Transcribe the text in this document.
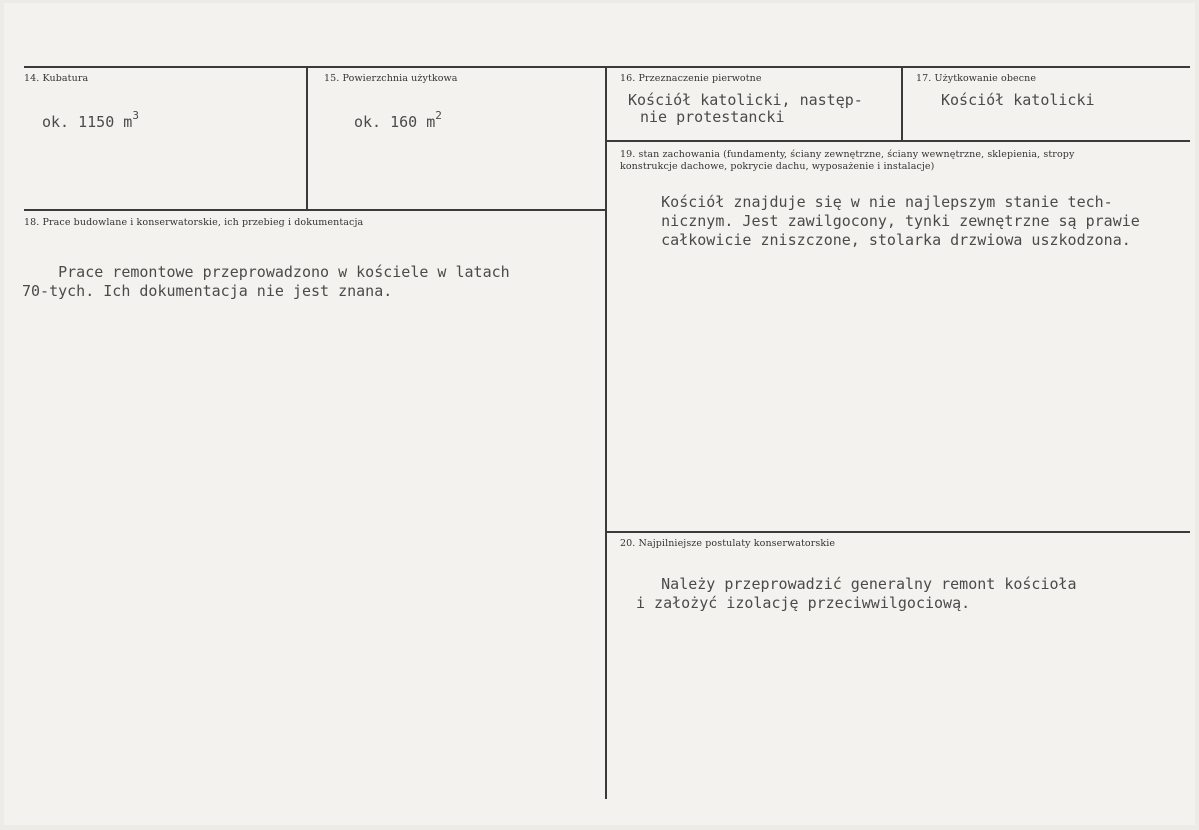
14. Kubatura
ok. 1150 $m^3$
15. Powierzchnia użytkowa
ok. 160 $m^2$
16. Przeznaczenie pierwotne
Kościół katolicki, następ-
nie protestancki
17. Użytkowanie obecne
Kościół katolicki
18. Prace budowlane i konserwatorskie, ich przebieg i dokumentacja
Prace remontowe przeprowadzono w kościele w latach
70-tych. Ich dokumentacja nie jest znana.
19. stan zachowania (fundamenty, ściany zewnętrzne, ściany wewnętrzne, sklepienia, stropy
konstrukcje dachowe, pokrycie dachu, wyposażenie i instalacje)
Kościół znajduje się w nie najlepszym stanie tech-
nicznym. Jest zawilgocony, tynki zewnętrzne są prawie
całkowicie zniszczone, stolarka drzwiowa uszkodzona.
20. Najpilniejsze postulaty konserwatorskie
Należy przeprowadzić generalny remont kościoła
i założyć izolację przeciwwilgociową.
